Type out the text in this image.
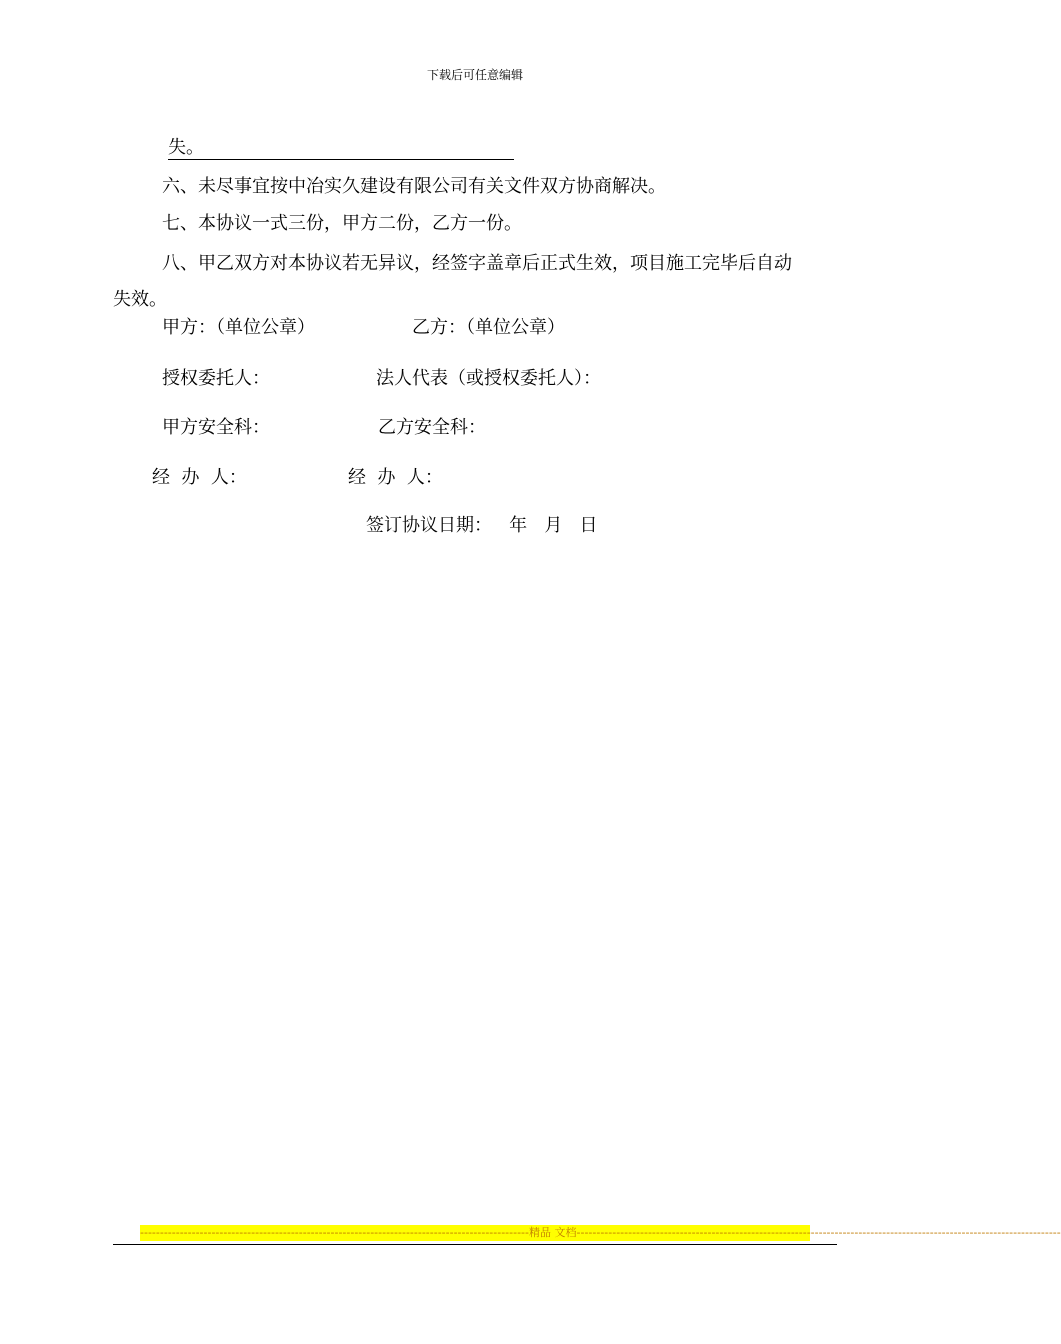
下载后可任意编辑
失。
六、未尽事宜按中冶实久建设有限公司有关文件双方协商解决。
七、本协议一式三份，甲方二份，乙方一份。
八、甲乙双方对本协议若无异议，经签字盖章后正式生效，项目施工完毕后自动
失效。
甲方：（单位公章）	乙方：（单位公章）
授权委托人：	法人代表（或授权委托人）：
甲方安全科：	乙方安全科：
经  办  人：	经  办  人：
签订协议日期：   年   月   日
--------------------------------------------------------------------------------------------------精品 文档--------------------------------------------------------------------------------------------------------------------------
